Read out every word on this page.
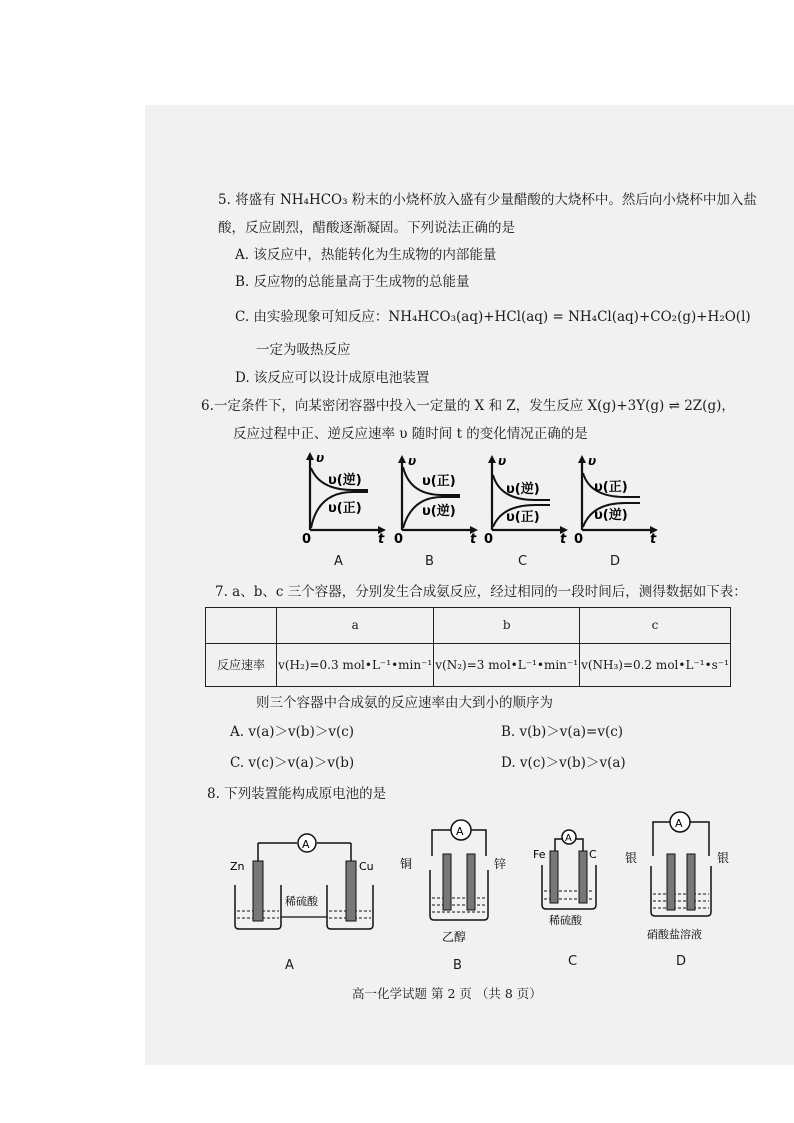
5. 将盛有 NH₄HCO₃ 粉末的小烧杯放入盛有少量醋酸的大烧杯中。然后向小烧杯中加入盐
酸，反应剧烈，醋酸逐渐凝固。下列说法正确的是
A. 该反应中，热能转化为生成物的内部能量
B. 反应物的总能量高于生成物的总能量
C. 由实验现象可知反应：NH₄HCO₃(aq)+HCl(aq) = NH₄Cl(aq)+CO₂(g)+H₂O(l)
一定为吸热反应
D. 该反应可以设计成原电池装置
6.一定条件下，向某密闭容器中投入一定量的 X 和 Z，发生反应 X(g)+3Y(g) ⇌ 2Z(g)，
反应过程中正、逆反应速率 υ 随时间 t 的变化情况正确的是
υ
0	t
υ(逆)
υ(正)
υ
0	t
υ(正)
υ(逆)
υ
0	t
υ(逆)
υ(正)
υ
0	t
υ(正)
υ(逆)
A	B	C	D
7. a、b、c 三个容器，分别发生合成氨反应，经过相同的一段时间后，测得数据如下表：
	a	b	c
反应速率	v(H₂)=0.3 mol•L⁻¹•min⁻¹	v(N₂)=3 mol•L⁻¹•min⁻¹	v(NH₃)=0.2 mol•L⁻¹•s⁻¹
则三个容器中合成氨的反应速率由大到小的顺序为
A. v(a)＞v(b)＞v(c)	B. v(b)＞v(a)=v(c)
C. v(c)＞v(a)＞v(b)	D. v(c)＞v(b)＞v(a)
8. 下列装置能构成原电池的是
A
Zn	Cu
稀硫酸
A
A
铜	锌
乙醇
B
A
Fe	C
稀硫酸
C
A
银	银
硝酸盐溶液
D
高一化学试题 第 2 页 （共 8 页）
